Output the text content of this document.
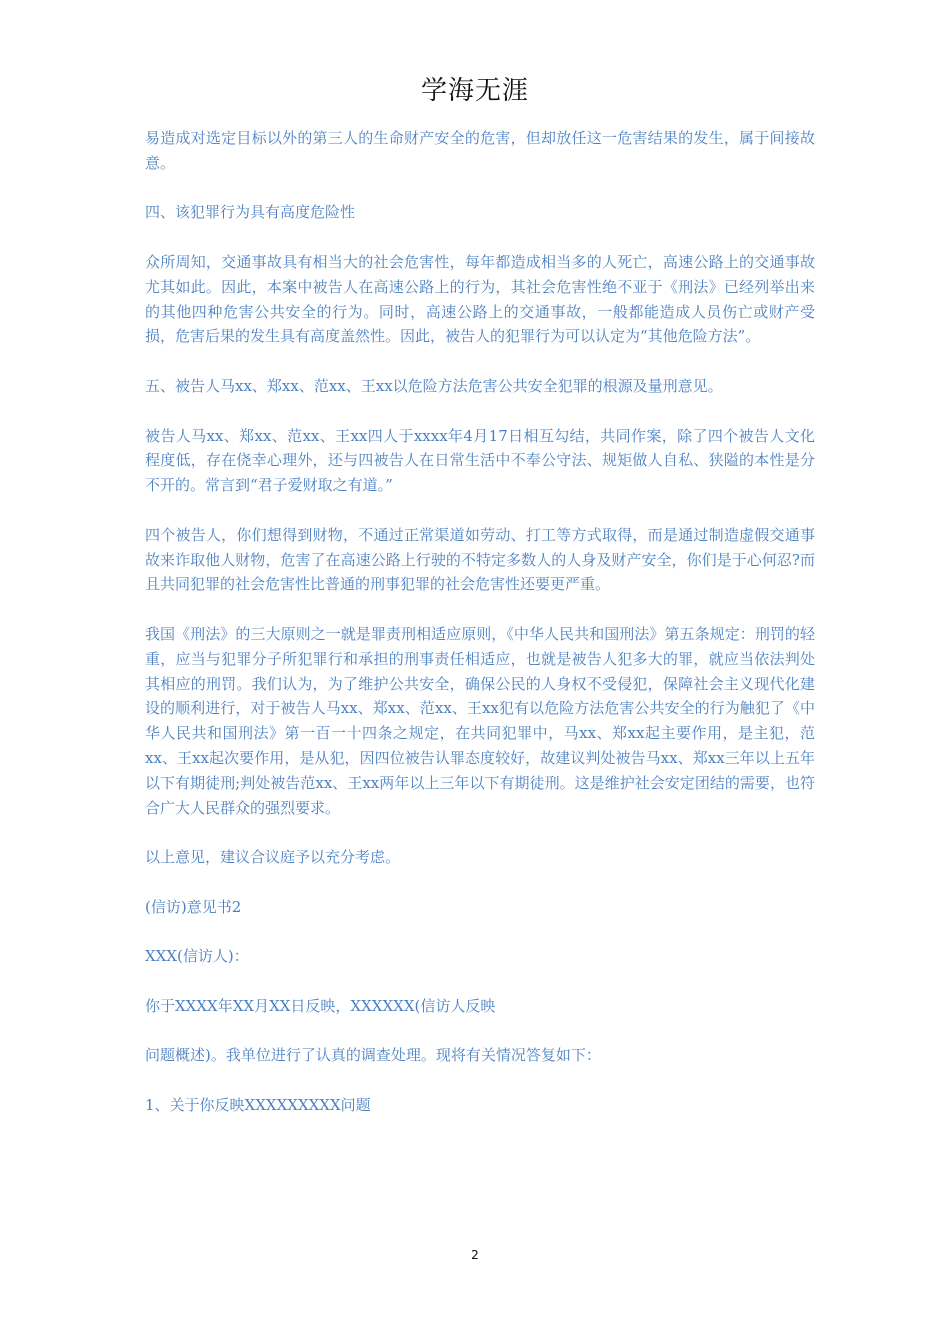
学海无涯

易造成对选定目标以外的第三人的生命财产安全的危害，但却放任这一危害结果的发生，属于间接故意。

四、该犯罪行为具有高度危险性

众所周知，交通事故具有相当大的社会危害性，每年都造成相当多的人死亡，高速公路上的交通事故尤其如此。因此，本案中被告人在高速公路上的行为，其社会危害性绝不亚于《刑法》已经列举出来的其他四种危害公共安全的行为。同时，高速公路上的交通事故，一般都能造成人员伤亡或财产受损，危害后果的发生具有高度盖然性。因此，被告人的犯罪行为可以认定为“其他危险方法”。

五、被告人马xx、郑xx、范xx、王xx以危险方法危害公共安全犯罪的根源及量刑意见。

被告人马xx、郑xx、范xx、王xx四人于xxxx年4月17日相互勾结，共同作案，除了四个被告人文化程度低，存在侥幸心理外，还与四被告人在日常生活中不奉公守法、规矩做人自私、狭隘的本性是分不开的。常言到“君子爱财取之有道。”

四个被告人，你们想得到财物，不通过正常渠道如劳动、打工等方式取得，而是通过制造虚假交通事故来诈取他人财物，危害了在高速公路上行驶的不特定多数人的人身及财产安全，你们是于心何忍?而且共同犯罪的社会危害性比普通的刑事犯罪的社会危害性还要更严重。

我国《刑法》的三大原则之一就是罪责刑相适应原则，《中华人民共和国刑法》第五条规定：刑罚的轻重，应当与犯罪分子所犯罪行和承担的刑事责任相适应，也就是被告人犯多大的罪，就应当依法判处其相应的刑罚。我们认为，为了维护公共安全，确保公民的人身权不受侵犯，保障社会主义现代化建设的顺利进行，对于被告人马xx、郑xx、范xx、王xx犯有以危险方法危害公共安全的行为触犯了《中华人民共和国刑法》第一百一十四条之规定，在共同犯罪中，马xx、郑xx起主要作用，是主犯，范xx、王xx起次要作用，是从犯，因四位被告认罪态度较好，故建议判处被告马xx、郑xx三年以上五年以下有期徒刑;判处被告范xx、王xx两年以上三年以下有期徒刑。这是维护社会安定团结的需要，也符合广大人民群众的强烈要求。

以上意见，建议合议庭予以充分考虑。

(信访)意见书2

XXX(信访人)：

你于XXXX年XX月XX日反映，XXXXXX(信访人反映

问题概述)。我单位进行了认真的调查处理。现将有关情况答复如下：

1、关于你反映XXXXXXXXX问题

2
